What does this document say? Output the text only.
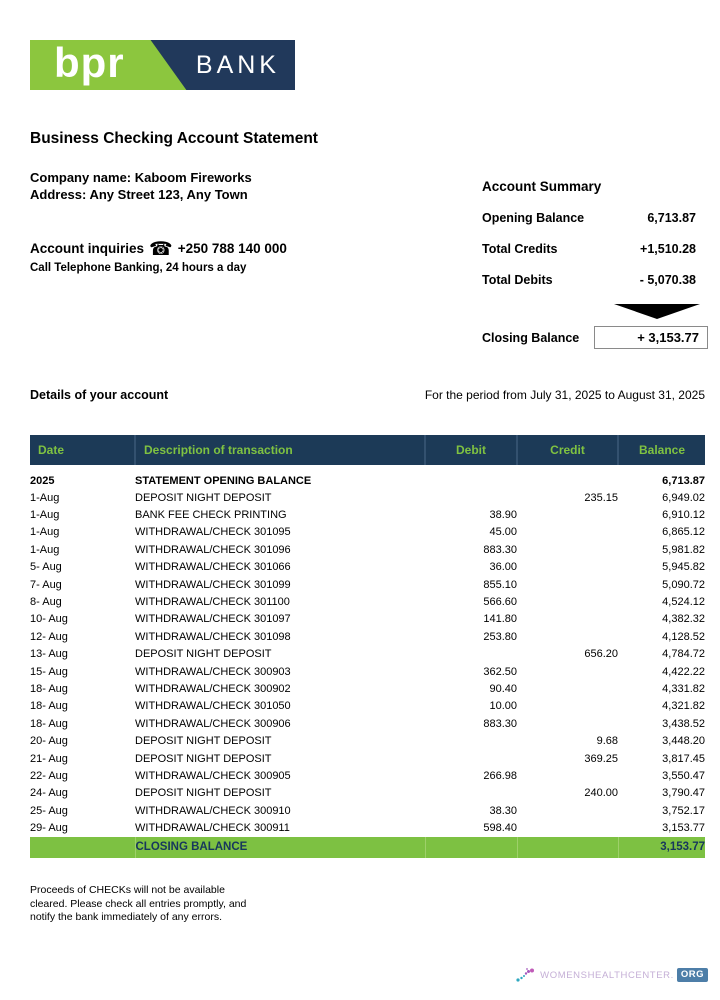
bpr	BANK
Business Checking Account Statement
Company name: Kaboom Fireworks
Address: Any Street 123, Any Town
Account inquiries ☎ +250 788 140 000
Call Telephone Banking, 24 hours a day
Account Summary
Opening Balance	6,713.87
Total Credits	+1,510.28
Total Debits	- 5,070.38
Closing Balance	+ 3,153.77
Details of your account	For the period from July 31, 2025 to August 31, 2025
Date	Description of transaction	Debit	Credit	Balance
2025	STATEMENT OPENING BALANCE			6,713.87
1-Aug	DEPOSIT NIGHT DEPOSIT		235.15	6,949.02
1-Aug	BANK FEE CHECK PRINTING	38.90		6,910.12
1-Aug	WITHDRAWAL/CHECK 301095	45.00		6,865.12
1-Aug	WITHDRAWAL/CHECK 301096	883.30		5,981.82
5- Aug	WITHDRAWAL/CHECK 301066	36.00		5,945.82
7- Aug	WITHDRAWAL/CHECK 301099	855.10		5,090.72
8- Aug	WITHDRAWAL/CHECK 301100	566.60		4,524.12
10- Aug	WITHDRAWAL/CHECK 301097	141.80		4,382.32
12- Aug	WITHDRAWAL/CHECK 301098	253.80		4,128.52
13- Aug	DEPOSIT NIGHT DEPOSIT		656.20	4,784.72
15- Aug	WITHDRAWAL/CHECK 300903	362.50		4,422.22
18- Aug	WITHDRAWAL/CHECK 300902	90.40		4,331.82
18- Aug	WITHDRAWAL/CHECK 301050	10.00		4,321.82
18- Aug	WITHDRAWAL/CHECK 300906	883.30		3,438.52
20- Aug	DEPOSIT NIGHT DEPOSIT		9.68	3,448.20
21- Aug	DEPOSIT NIGHT DEPOSIT		369.25	3,817.45
22- Aug	WITHDRAWAL/CHECK 300905	266.98		3,550.47
24- Aug	DEPOSIT NIGHT DEPOSIT		240.00	3,790.47
25- Aug	WITHDRAWAL/CHECK 300910	38.30		3,752.17
29- Aug	WITHDRAWAL/CHECK 300911	598.40		3,153.77
	CLOSING BALANCE			3,153.77
Proceeds of CHECKs will not be available
cleared. Please check all entries promptly, and
notify the bank immediately of any errors.
WOMENSHEALTHCENTER. ORG
